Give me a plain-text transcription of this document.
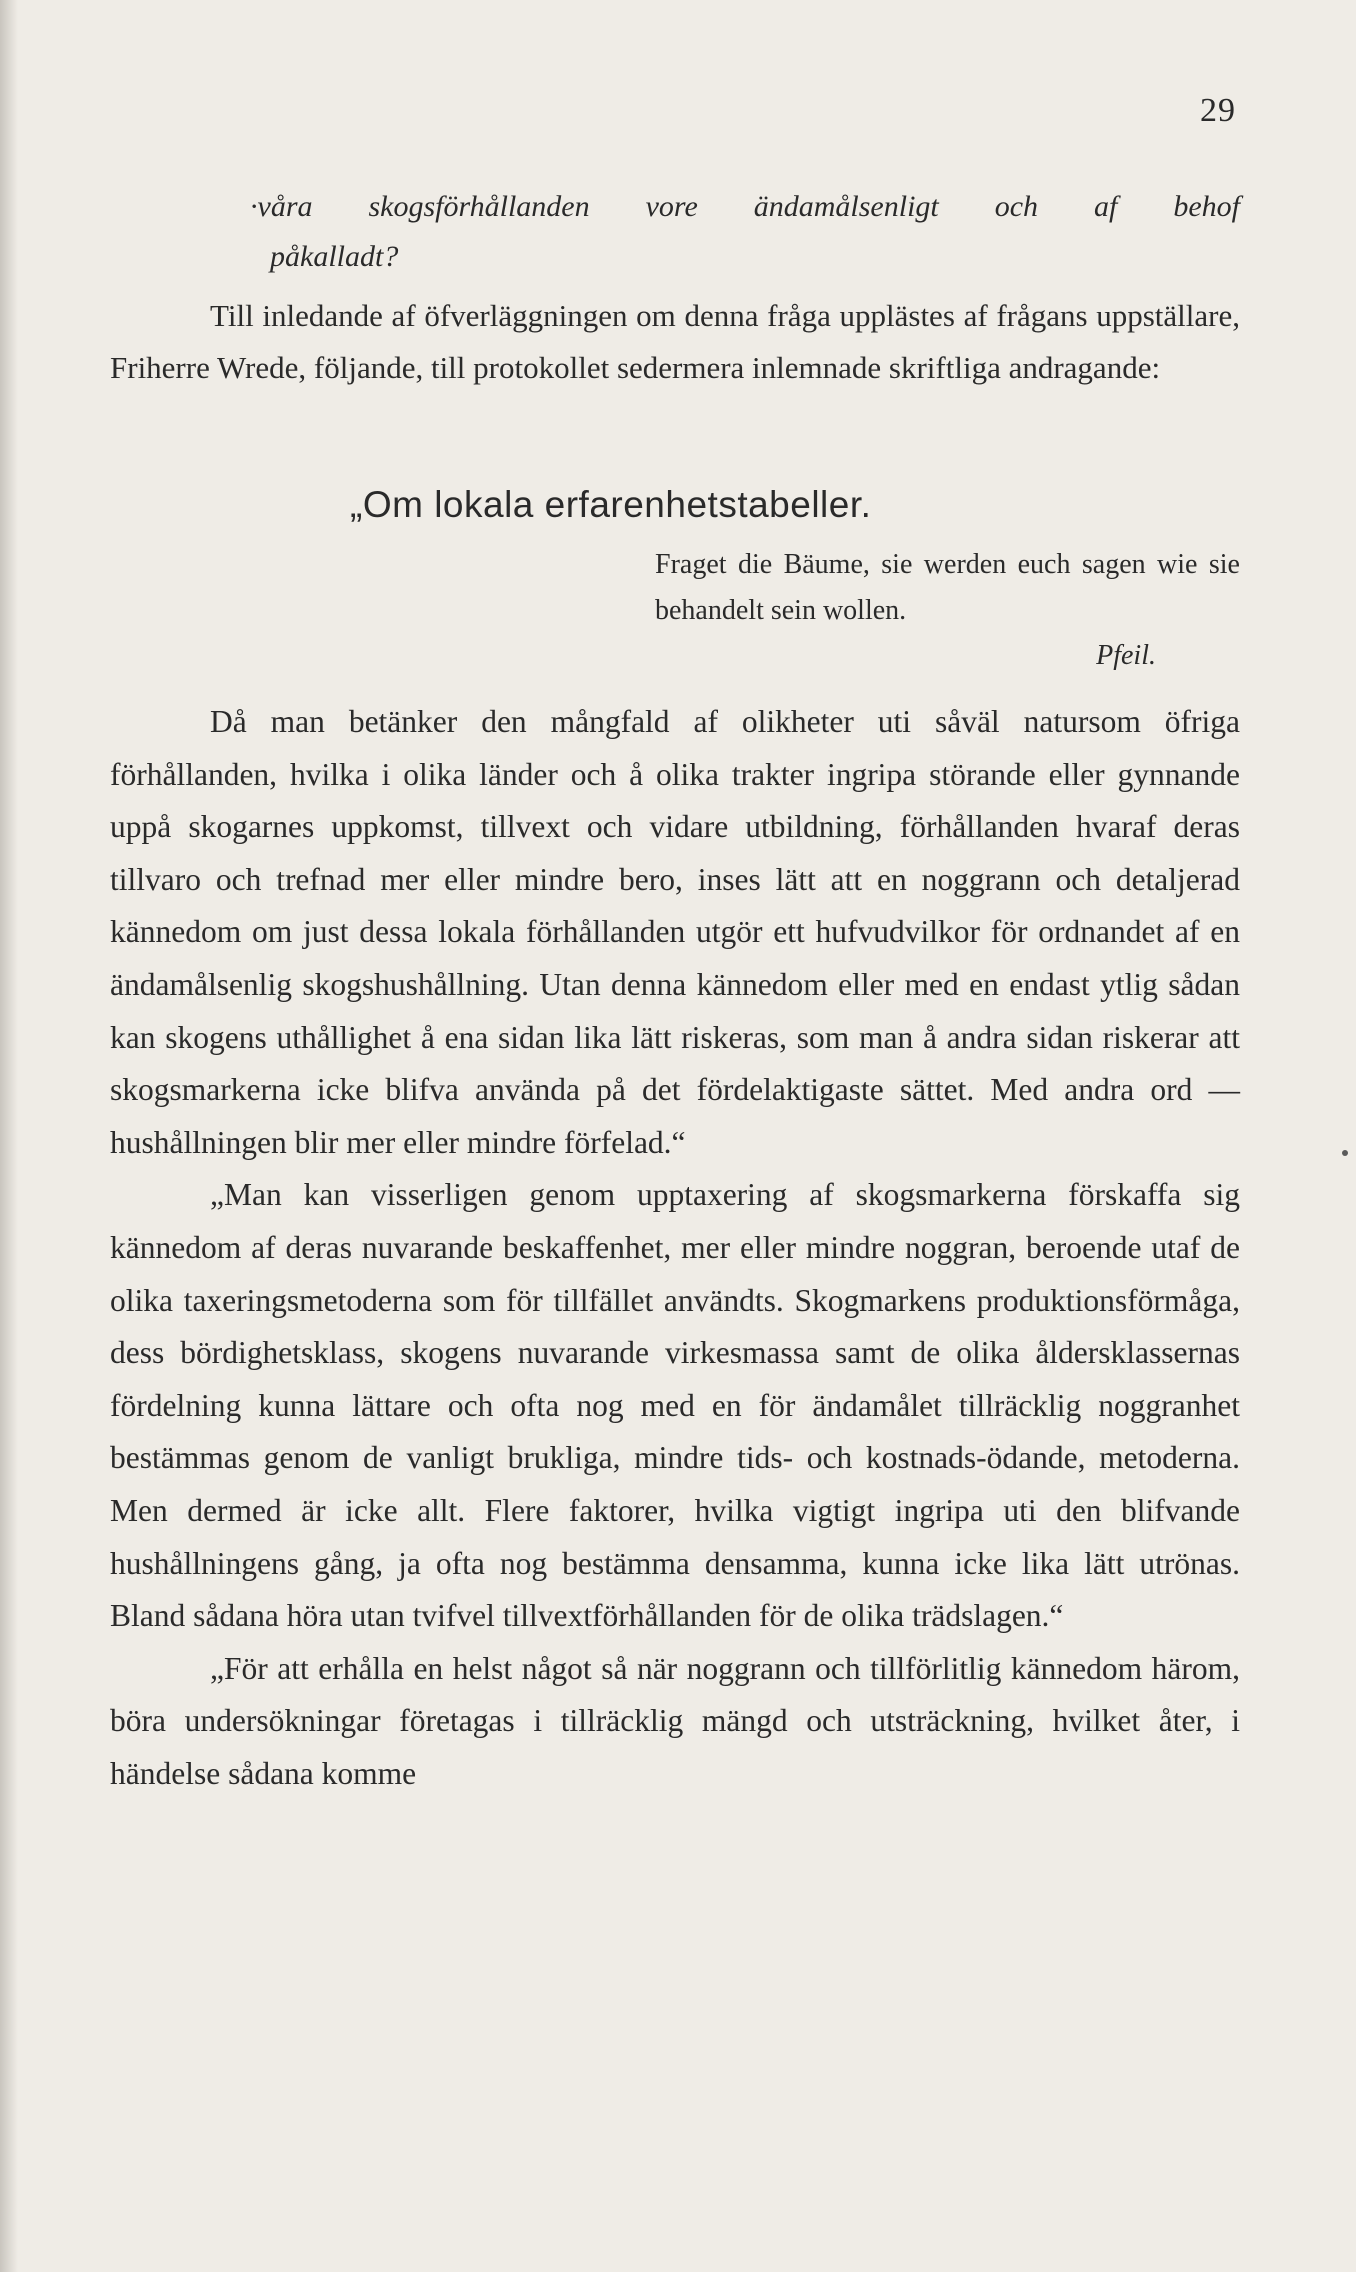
29
·våra skogsförhållanden vore ändamålsenligt och af behof
påkalladt?
Till inledande af öfverläggningen om denna fråga upplästes af frågans uppställare, Friherre Wrede, följande, till protokollet sedermera inlemnade skriftliga andragande:
„Om lokala erfarenhetstabeller.
Fraget die Bäume, sie werden euch sagen wie sie behandelt sein wollen.
Pfeil.

Då man betänker den mångfald af olikheter uti såväl natursom öfriga förhållanden, hvilka i olika länder och å olika trakter ingripa störande eller gynnande uppå skogarnes uppkomst, tillvext och vidare utbildning, förhållanden hvaraf deras tillvaro och trefnad mer eller mindre bero, inses lätt att en noggrann och detaljerad kännedom om just dessa lokala förhållanden utgör ett hufvudvilkor för ordnandet af en ändamålsenlig skogshushållning. Utan denna kännedom eller med en endast ytlig sådan kan skogens uthållighet å ena sidan lika lätt riskeras, som man å andra sidan riskerar att skogsmarkerna icke blifva använda på det fördelaktigaste sättet. Med andra ord — hushållningen blir mer eller mindre förfelad.“

„Man kan visserligen genom upptaxering af skogsmarkerna förskaffa sig kännedom af deras nuvarande beskaffenhet, mer eller mindre noggran, beroende utaf de olika taxeringsmetoderna som för tillfället användts. Skogmarkens produktionsförmåga, dess bördighetsklass, skogens nuvarande virkesmassa samt de olika åldersklassernas fördelning kunna lättare och ofta nog med en för ändamålet tillräcklig noggranhet bestämmas genom de vanligt brukliga, mindre tids- och kostnads-ödande, metoderna. Men dermed är icke allt. Flere faktorer, hvilka vigtigt ingripa uti den blifvande hushållningens gång, ja ofta nog bestämma densamma, kunna icke lika lätt utrönas. Bland sådana höra utan tvifvel tillvextförhållanden för de olika trädslagen.“

„För att erhålla en helst något så när noggrann och tillförlitlig kännedom härom, böra undersökningar företagas i tillräcklig mängd och utsträckning, hvilket åter, i händelse sådana komme
